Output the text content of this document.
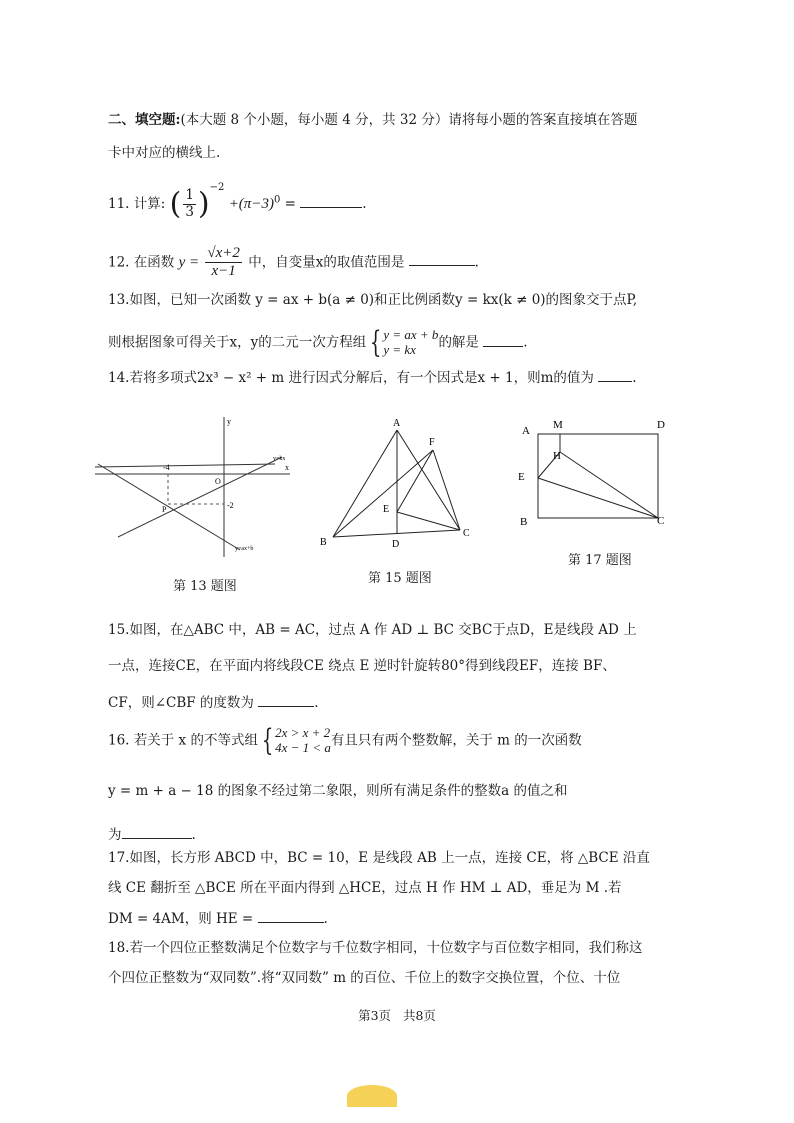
二、填空题:(本大题 8 个小题，每小题 4 分，共 32 分）请将每小题的答案直接填在答题
卡中对应的横线上.
11. 计算: ( $\frac{1}{3} )^{-2} +(\pi-3)^0$ =	.
12. 在函数 $y = \frac{√x+2}{x-1}$ 中，自变量x的取值范围是	.
13.如图，已知一次函数 y = ax + b(a ≠ 0)和正比例函数y = kx(k ≠ 0)的图象交于点P,
则根据图象可得关于x，y的二元一次方程组 { y = ax + b
y = kx 的解是	.
14.若将多项式2x³ − x² + m 进行因式分解后，有一个因式是x + 1，则m的值为	.
y
x
O
P
-4
-2
y=kx
y=ax+b
第 13 题图
A
B
C
D
E
F
第 15 题图
A M	D
H
E
B	C
第 17 题图
15.如图，在△ABC 中，AB = AC，过点 A 作 AD ⊥ BC 交BC于点D，E是线段 AD 上
一点，连接CE，在平面内将线段CE 绕点 E 逆时针旋转80°得到线段EF，连接 BF、
CF，则∠CBF 的度数为	.
16. 若关于 x 的不等式组 { 2x > x + 2
4x − 1 < a有且只有两个整数解，关于 m 的一次函数
y = m + a − 18 的图象不经过第二象限，则所有满足条件的整数a 的值之和
为	.
17.如图，长方形 ABCD 中，BC = 10，E 是线段 AB 上一点，连接 CE，将 △BCE 沿直
线 CE 翻折至 △BCE 所在平面内得到 △HCE，过点 H 作 HM ⊥ AD，垂足为 M .若
DM = 4AM，则 HE =	.
18.若一个四位正整数满足个位数字与千位数字相同，十位数字与百位数字相同，我们称这
个四位正整数为“双同数”.将“双同数” m 的百位、千位上的数字交换位置，个位、十位
第3页 共8页
